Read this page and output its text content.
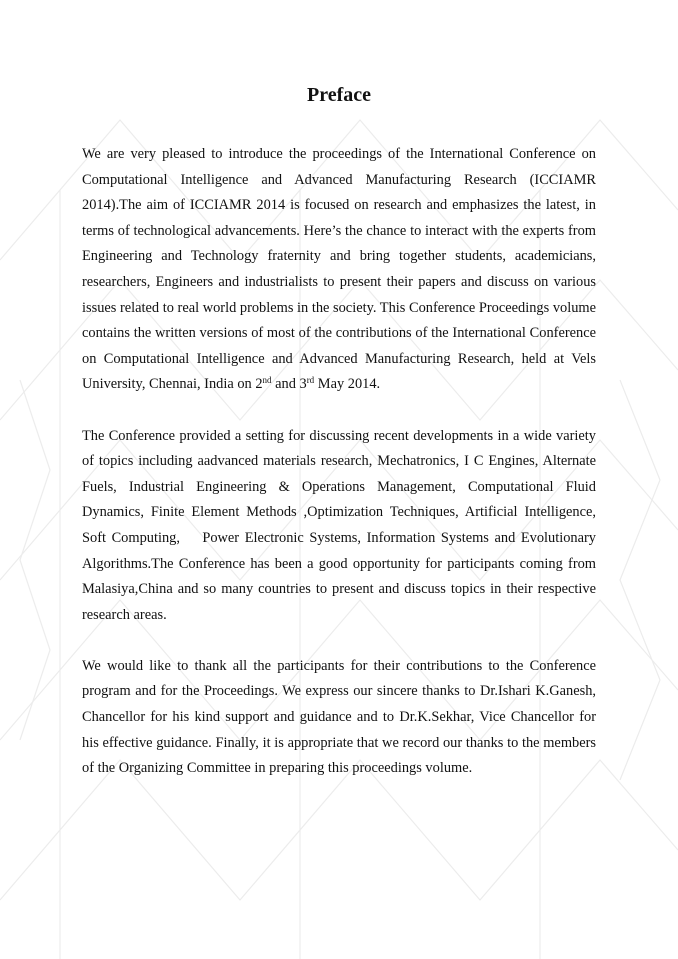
Preface

We are very pleased to introduce the proceedings of the International Conference on Computational Intelligence and Advanced Manufacturing Research (ICCIAMR 2014).The aim of ICCIAMR 2014 is focused on research and emphasizes the latest, in terms of technological advancements. Here’s the chance to interact with the experts from Engineering and Technology fraternity and bring together students, academicians, researchers, Engineers and industrialists to present their papers and discuss on various issues related to real world problems in the society. This Conference Proceedings volume contains the written versions of most of the contributions of the International Conference on Computational Intelligence and Advanced Manufacturing Research, held at Vels University, Chennai, India on 2nd and 3rd May 2014.

The Conference provided a setting for discussing recent developments in a wide variety of topics including aadvanced materials research, Mechatronics, I C Engines, Alternate Fuels, Industrial Engineering & Operations Management, Computational Fluid Dynamics, Finite Element Methods ,Optimization Techniques, Artificial Intelligence, Soft Computing, Power Electronic Systems, Information Systems and Evolutionary Algorithms.The Conference has been a good opportunity for participants coming from Malasiya,China and so many countries to present and discuss topics in their respective research areas.

We would like to thank all the participants for their contributions to the Conference program and for the Proceedings. We express our sincere thanks to Dr.Ishari K.Ganesh, Chancellor for his kind support and guidance and to Dr.K.Sekhar, Vice Chancellor for his effective guidance. Finally, it is appropriate that we record our thanks to the members of the Organizing Committee in preparing this proceedings volume.
